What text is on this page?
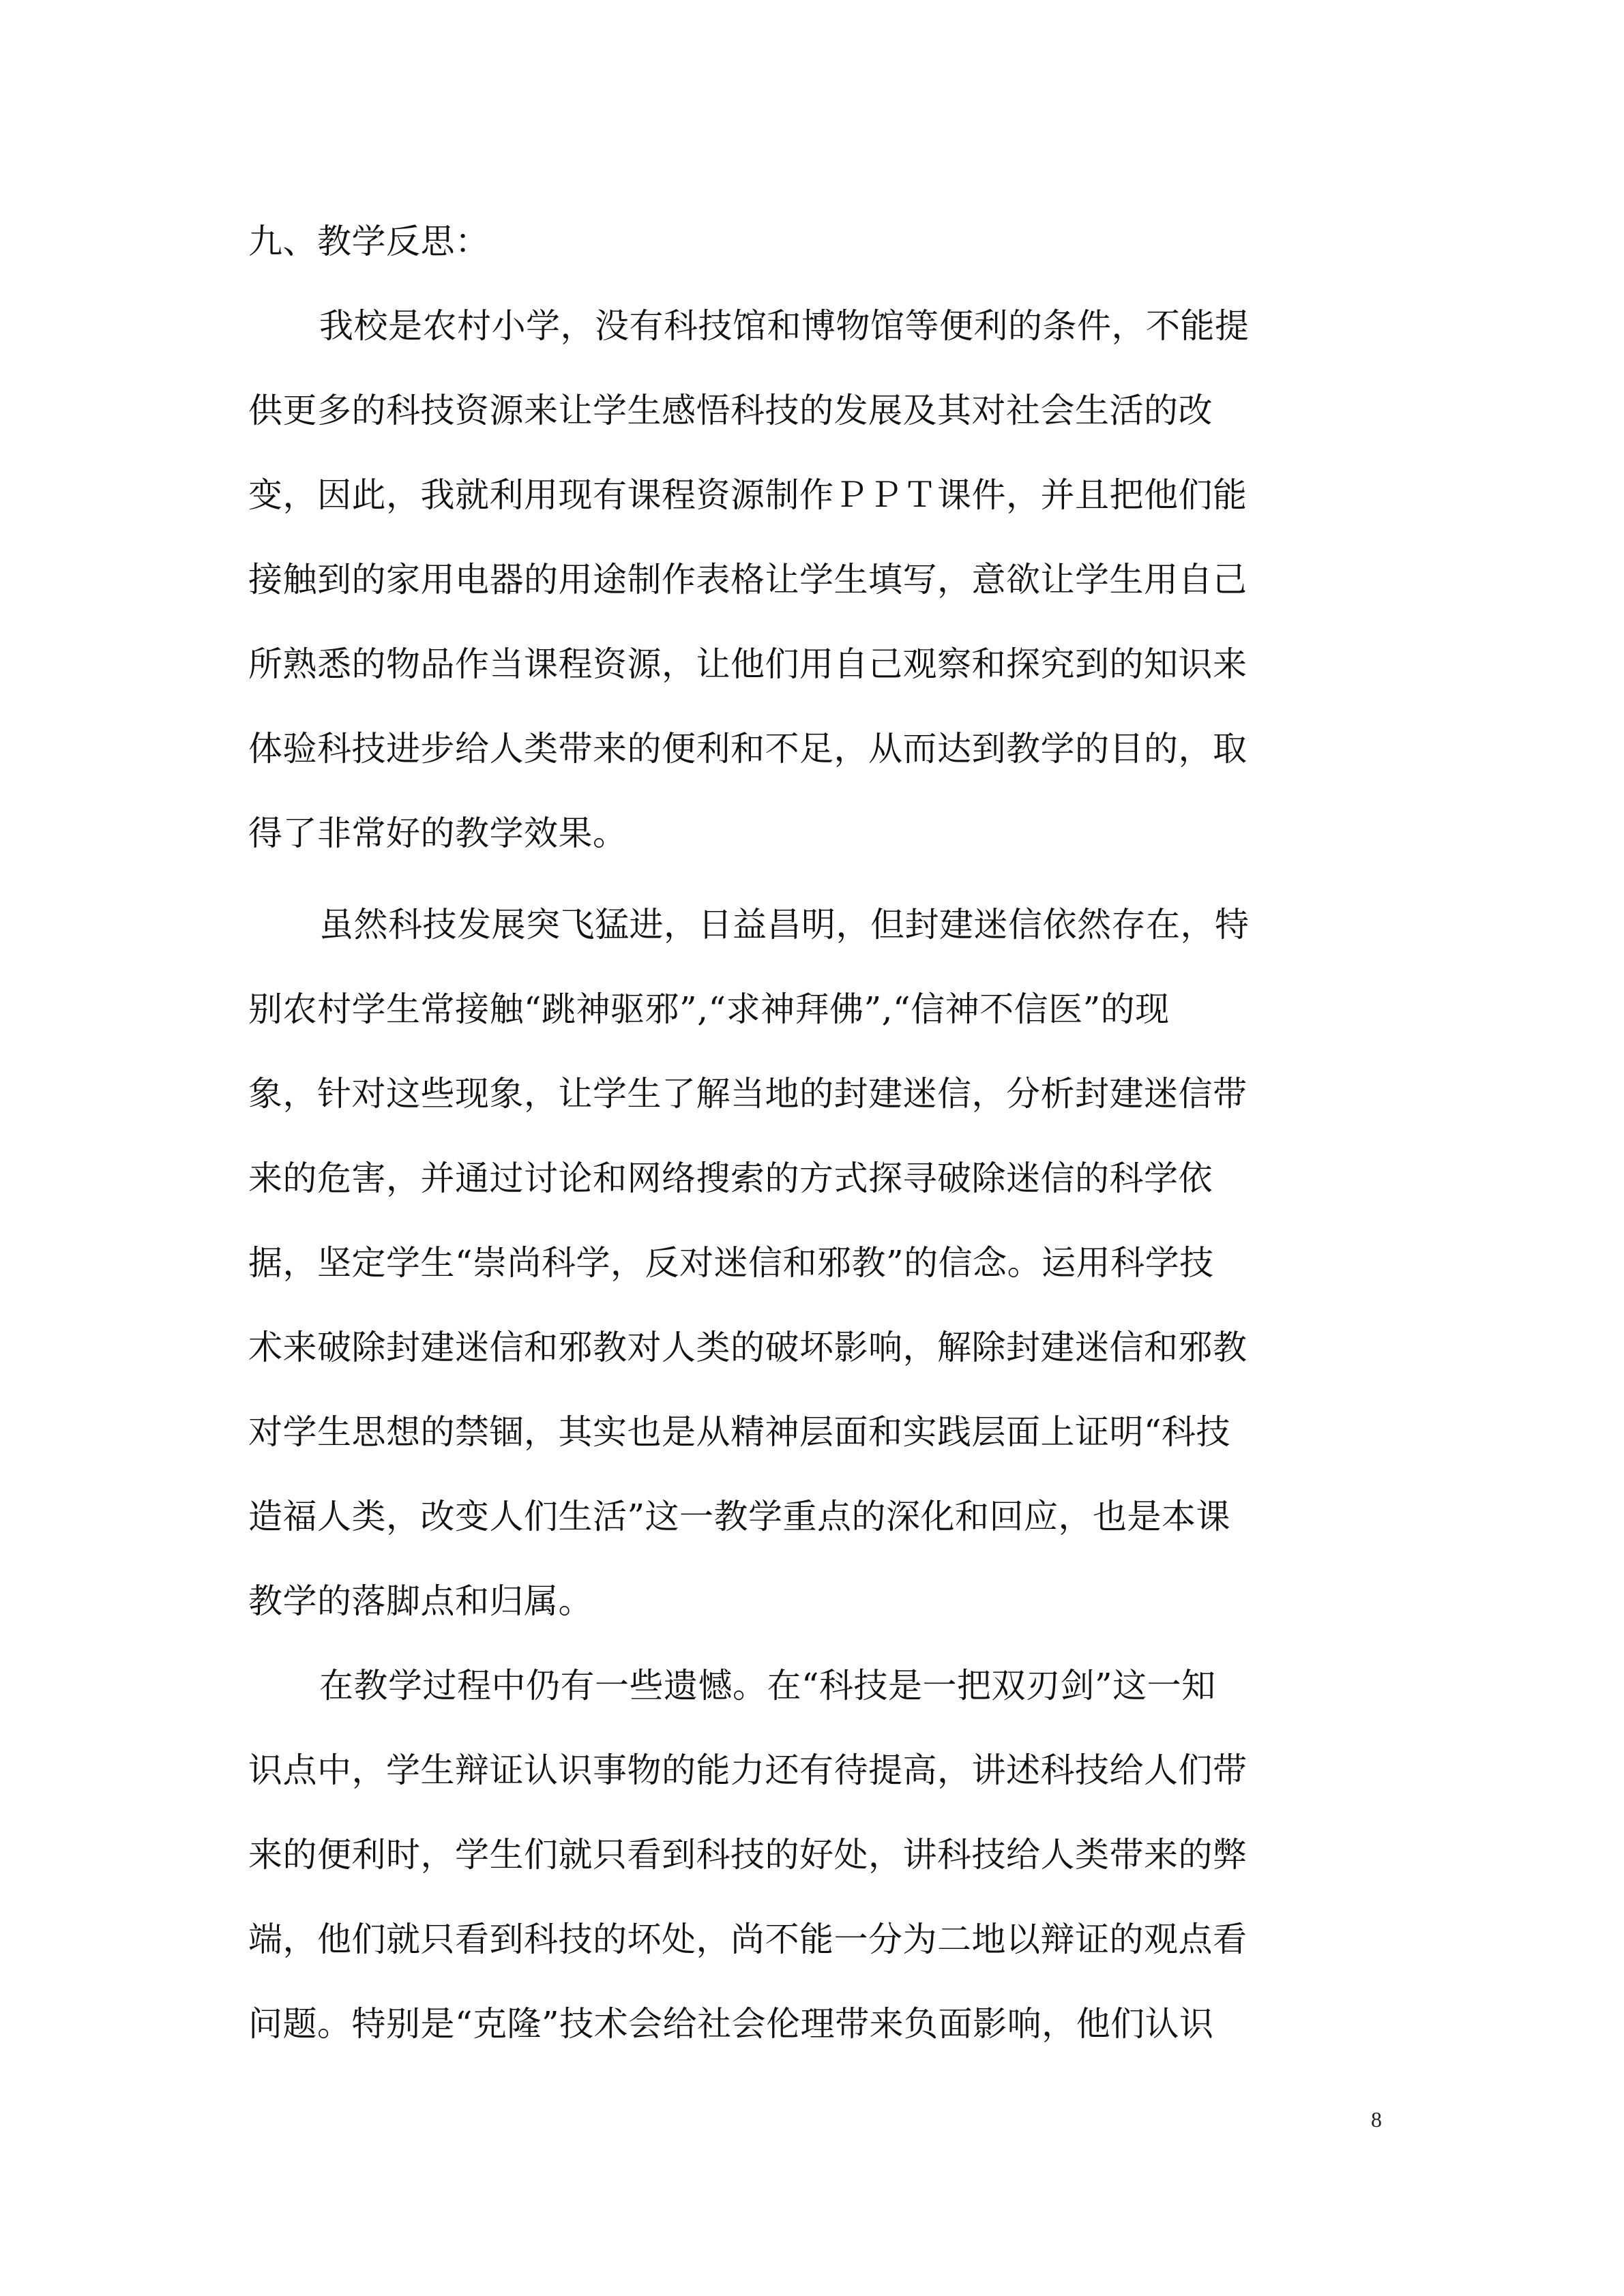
九、教学反思：
我校是农村小学，没有科技馆和博物馆等便利的条件，不能提
供更多的科技资源来让学生感悟科技的发展及其对社会生活的改
变，因此，我就利用现有课程资源制作ＰＰＴ课件，并且把他们能
接触到的家用电器的用途制作表格让学生填写，意欲让学生用自己
所熟悉的物品作当课程资源，让他们用自己观察和探究到的知识来
体验科技进步给人类带来的便利和不足，从而达到教学的目的，取
得了非常好的教学效果。
虽然科技发展突飞猛进，日益昌明，但封建迷信依然存在，特
别农村学生常接触“跳神驱邪”,“求神拜佛”,“信神不信医”的现
象，针对这些现象，让学生了解当地的封建迷信，分析封建迷信带
来的危害，并通过讨论和网络搜索的方式探寻破除迷信的科学依
据，坚定学生“崇尚科学，反对迷信和邪教”的信念。运用科学技
术来破除封建迷信和邪教对人类的破坏影响，解除封建迷信和邪教
对学生思想的禁锢，其实也是从精神层面和实践层面上证明“科技
造福人类，改变人们生活”这一教学重点的深化和回应，也是本课
教学的落脚点和归属。
在教学过程中仍有一些遗憾。在“科技是一把双刃剑”这一知
识点中，学生辩证认识事物的能力还有待提高，讲述科技给人们带
来的便利时，学生们就只看到科技的好处，讲科技给人类带来的弊
端，他们就只看到科技的坏处，尚不能一分为二地以辩证的观点看
问题。特别是“克隆”技术会给社会伦理带来负面影响，他们认识
8
